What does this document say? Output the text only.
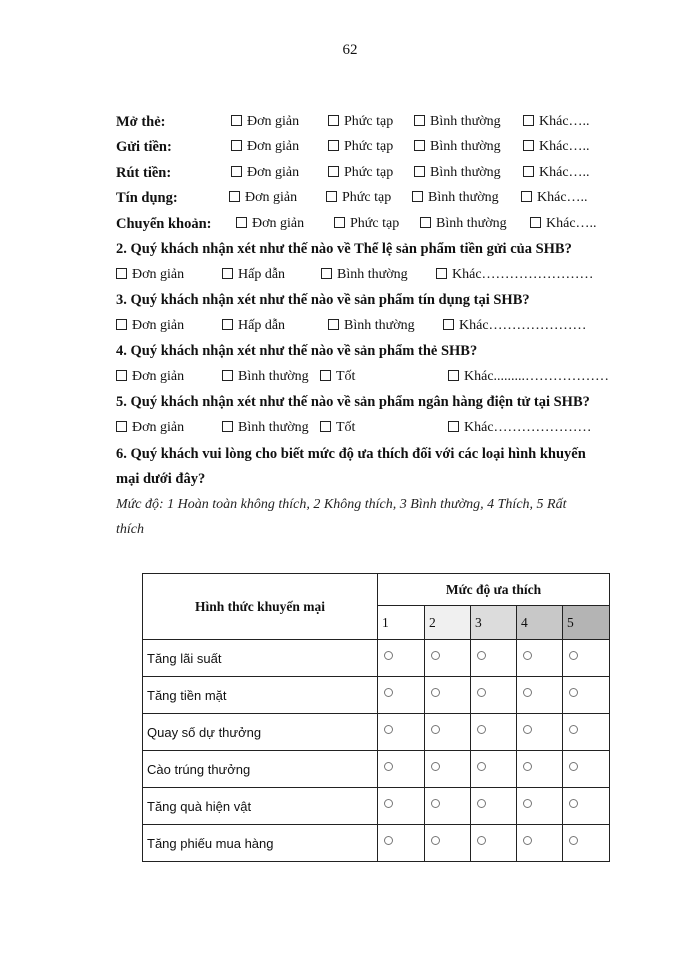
62
Mở thẻ:	Đơn giản	Phức tạp	Bình thường	Khác…..
Gửi tiền:	Đơn giản	Phức tạp	Bình thường	Khác…..
Rút tiền:	Đơn giản	Phức tạp	Bình thường	Khác…..
Tín dụng:	Đơn giản	Phức tạp	Bình thường	Khác…..
Chuyển khoản:	Đơn giản	Phức tạp	Bình thường	Khác…..
2. Quý khách nhận xét như thế nào về Thể lệ sản phẩm tiền gửi của SHB?
Đơn giản	Hấp dẫn	Bình thường	Khác……………………
3. Quý khách nhận xét như thế nào về sản phẩm tín dụng tại SHB?
Đơn giản	Hấp dẫn	Bình thường	Khác…………………
4. Quý khách nhận xét như thế nào về sản phẩm thẻ SHB?
Đơn giản	Bình thường	Tốt	Khác.........………………
5. Quý khách nhận xét như thế nào về sản phẩm ngân hàng điện tử tại SHB?
Đơn giản	Bình thường	Tốt	Khác…………………
6. Quý khách vui lòng cho biết mức độ ưa thích đối với các loại hình khuyến
mại dưới đây?
Mức độ: 1 Hoàn toàn không thích, 2 Không thích, 3 Bình thường, 4 Thích, 5 Rất
thích
Hình thức khuyến mại	Mức độ ưa thích				
	1	2	3	4	5
Tăng lãi suất	

Tăng tiền mặt	

Quay số dự thưởng	

Cào trúng thưởng	

Tăng quà hiện vật	

Tăng phiếu mua hàng	
